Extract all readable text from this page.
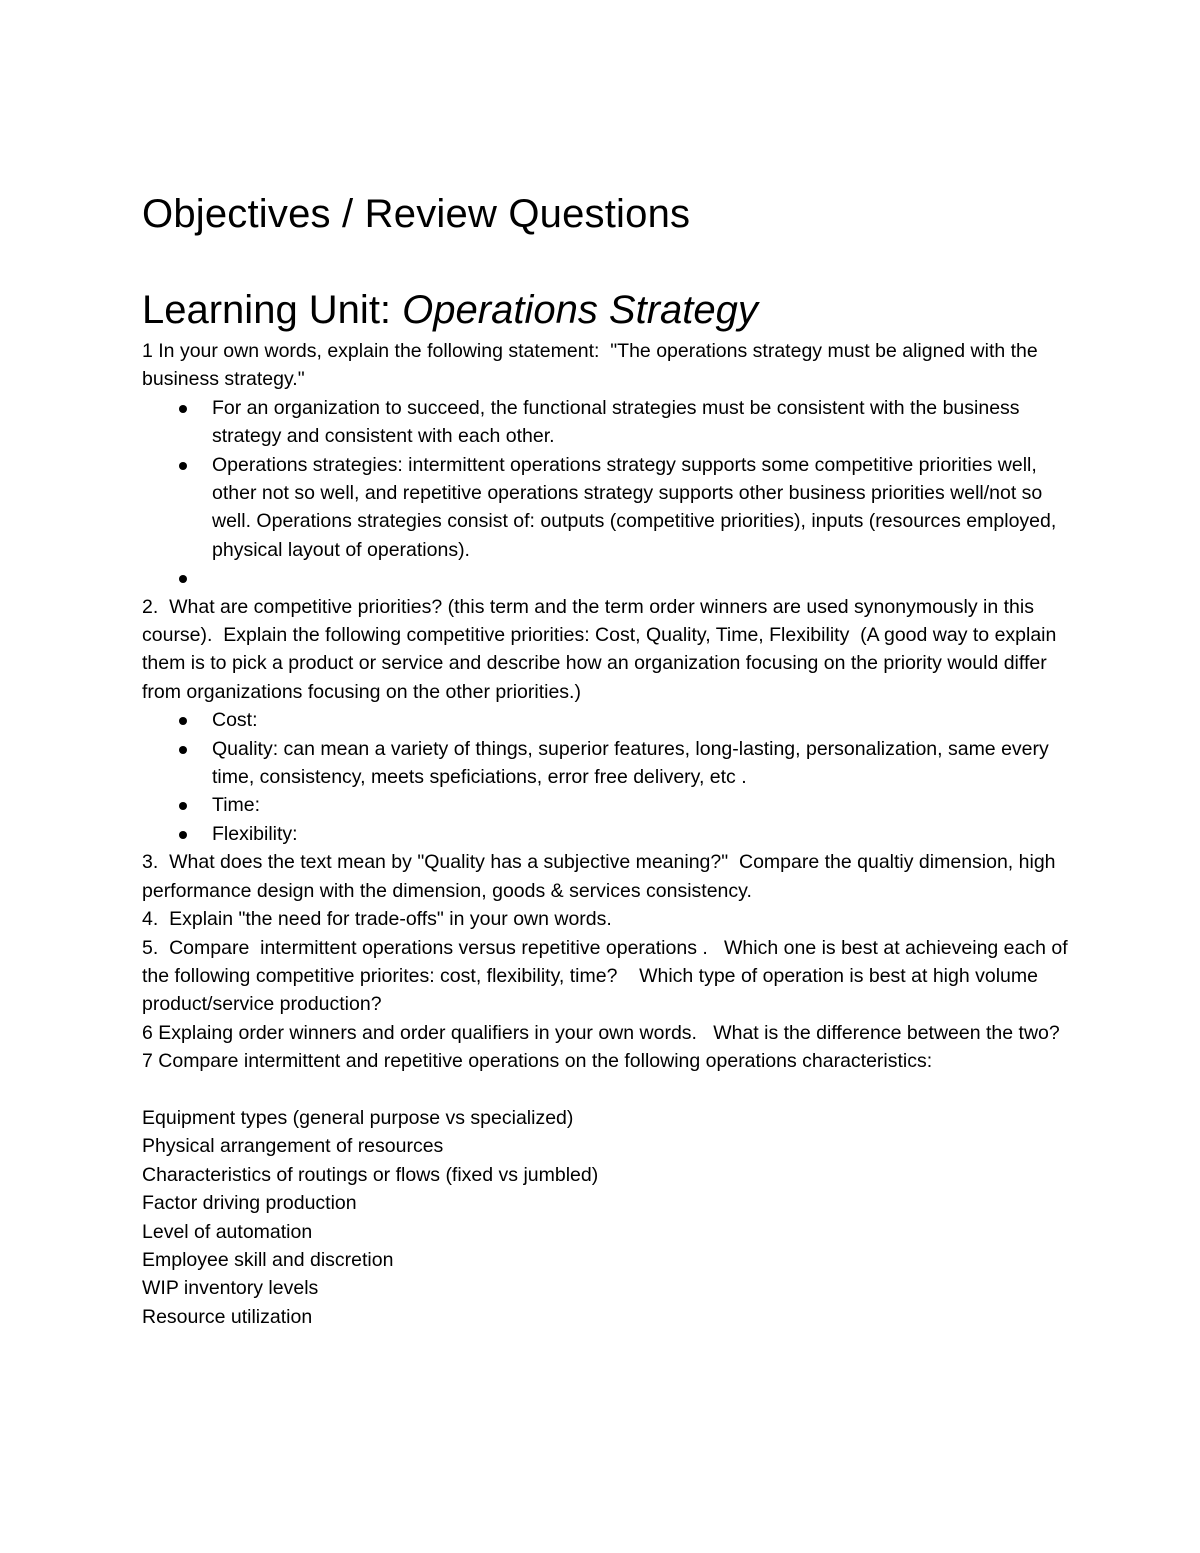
Objectives / Review Questions
Learning Unit: Operations Strategy

1 In your own words, explain the following statement:  "The operations strategy must be aligned with the business strategy."

For an organization to succeed, the functional strategies must be consistent with the business strategy and consistent with each other.
Operations strategies: intermittent operations strategy supports some competitive priorities well, other not so well, and repetitive operations strategy supports other business priorities well/not so well. Operations strategies consist of: outputs (competitive priorities), inputs (resources employed, physical layout of operations).

2.  What are competitive priorities? (this term and the term order winners are used synonymously in this course).  Explain the following competitive priorities: Cost, Quality, Time, Flexibility  (A good way to explain them is to pick a product or service and describe how an organization focusing on the priority would differ from organizations focusing on the other priorities.)

Cost:
Quality: can mean a variety of things, superior features, long-lasting, personalization, same every time, consistency, meets speficiations, error free delivery, etc .
Time:
Flexibility:

3.  What does the text mean by "Quality has a subjective meaning?"  Compare the qualtiy dimension, high performance design with the dimension, goods & services consistency.

4.  Explain "the need for trade-offs" in your own words.

5.  Compare  intermittent operations versus repetitive operations .   Which one is best at achieveing each of the following competitive priorites: cost, flexibility, time?    Which type of operation is best at high volume product/service production?

6 Explaing order winners and order qualifiers in your own words.   What is the difference between the two?

7 Compare intermittent and repetitive operations on the following operations characteristics:

Equipment types (general purpose vs specialized)

Physical arrangement of resources

Characteristics of routings or flows (fixed vs jumbled)

Factor driving production

Level of automation

Employee skill and discretion

WIP inventory levels

Resource utilization
